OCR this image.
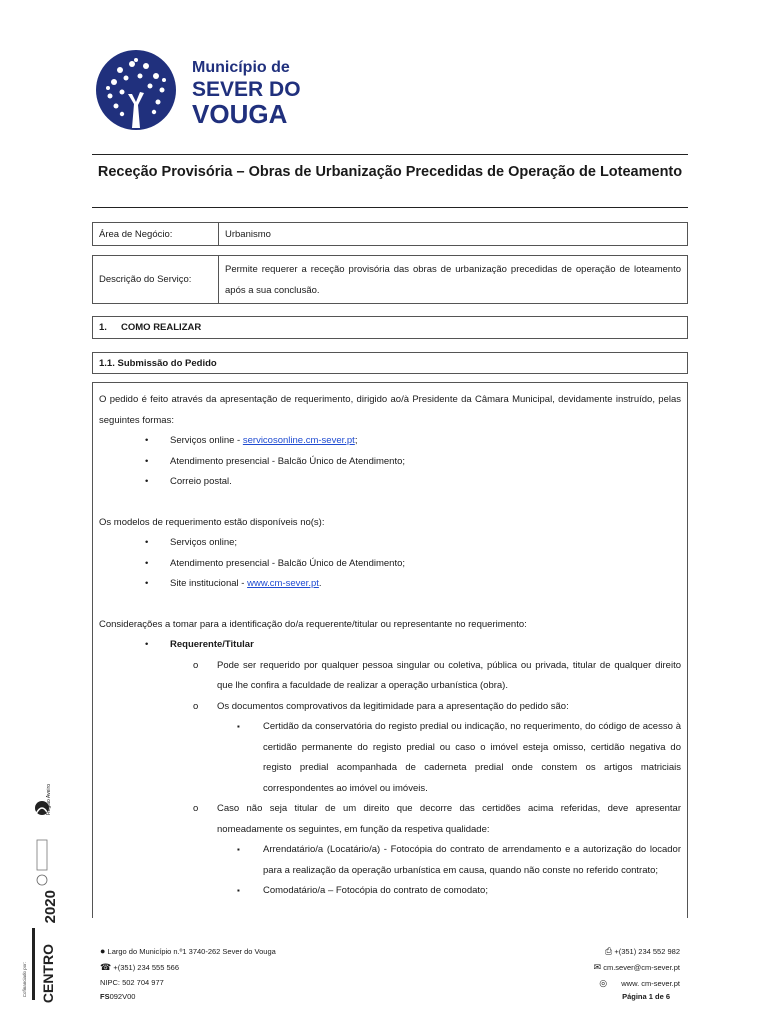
Município de
SEVER DO
VOUGA
Receção Provisória – Obras de Urbanização Precedidas de Operação de Loteamento
Área de Negócio:	Urbanismo
Descrição do Serviço:
Permite requerer a receção provisória das obras de urbanização precedidas de operação de loteamento após a sua conclusão.
1.	COMO REALIZAR
1.1. Submissão do Pedido

O pedido é feito através da apresentação de requerimento, dirigido ao/à Presidente da Câmara Municipal, devidamente instruído, pelas seguintes formas:

• Serviços online - servicosonline.cm-sever.pt;
• Atendimento presencial - Balcão Único de Atendimento;
• Correio postal.

Os modelos de requerimento estão disponíveis no(s):

• Serviços online;
• Atendimento presencial - Balcão Único de Atendimento;
• Site institucional - www.cm-sever.pt.

Considerações a tomar para a identificação do/a requerente/titular ou representante no requerimento:

• Requerente/Titular
o Pode ser requerido por qualquer pessoa singular ou coletiva, pública ou privada, titular de qualquer direito que lhe confira a faculdade de realizar a operação urbanística (obra).
o Os documentos comprovativos da legitimidade para a apresentação do pedido são:
▪ Certidão da conservatória do registo predial ou indicação, no requerimento, do código de acesso à certidão permanente do registo predial ou caso o imóvel esteja omisso, certidão negativa do registo predial acompanhada de caderneta predial onde constem os artigos matriciais correspondentes ao imóvel ou imóveis.
o Caso não seja titular de um direito que decorre das certidões acima referidas, deve apresentar nomeadamente os seguintes, em função da respetiva qualidade:
▪ Arrendatário/a (Locatário/a) - Fotocópia do contrato de arrendamento e a autorização do locador para a realização da operação urbanística em causa, quando não conste no referido contrato;
▪ Comodatário/a – Fotocópia do contrato de comodato;
Região Aveiro
2020
CENTRO
Cofinanciado por:
● Largo do Município n.º1 3740-262 Sever do Vouga
☎ +(351) 234 555 566
NIPC: 502 704 977
FS092V00
⎙ +(351) 234 552 982
✉ cm.sever@cm-sever.pt
◎ www. cm-sever.pt
Página 1 de 6
